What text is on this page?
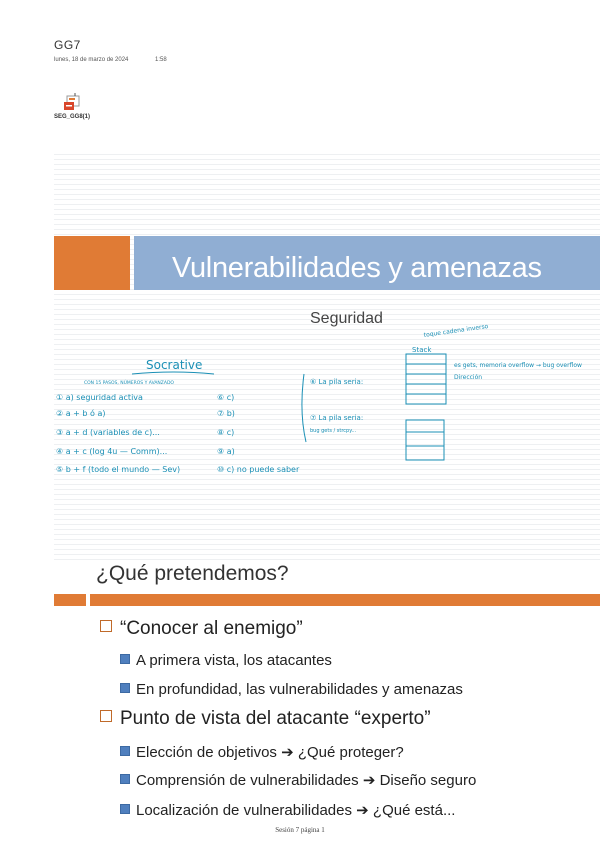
GG7
lunes, 18 de marzo de 2024	1:58
SEG_GG8(1)
Vulnerabilidades y amenazas
Seguridad
Socrative
CON 15 PASOS, NÚMEROS Y AVANZADO
① a) seguridad activa
② a + b ó a)
③ a + d (variables de c)...
④ a + c (log 4u — Comm)...
⑤ b + f (todo el mundo — Sev)
⑥ c)
⑦ b)
⑧ c)
⑨ a)
⑩ c) no puede saber
toque cadena inverso
Stack
⑥ La pila seria:
⑦ La pila seria:
es gets, memoria overflow → bug overflow
Dirección
bug gets / strcpy...
¿Qué pretendemos?
“Conocer al enemigo”
A primera vista, los atacantes
En profundidad, las vulnerabilidades y amenazas
Punto de vista del atacante “experto”
Elección de objetivos ➔ ¿Qué proteger?
Comprensión de vulnerabilidades ➔ Diseño seguro
Localización de vulnerabilidades ➔ ¿Qué está...
Sesión 7 página 1
